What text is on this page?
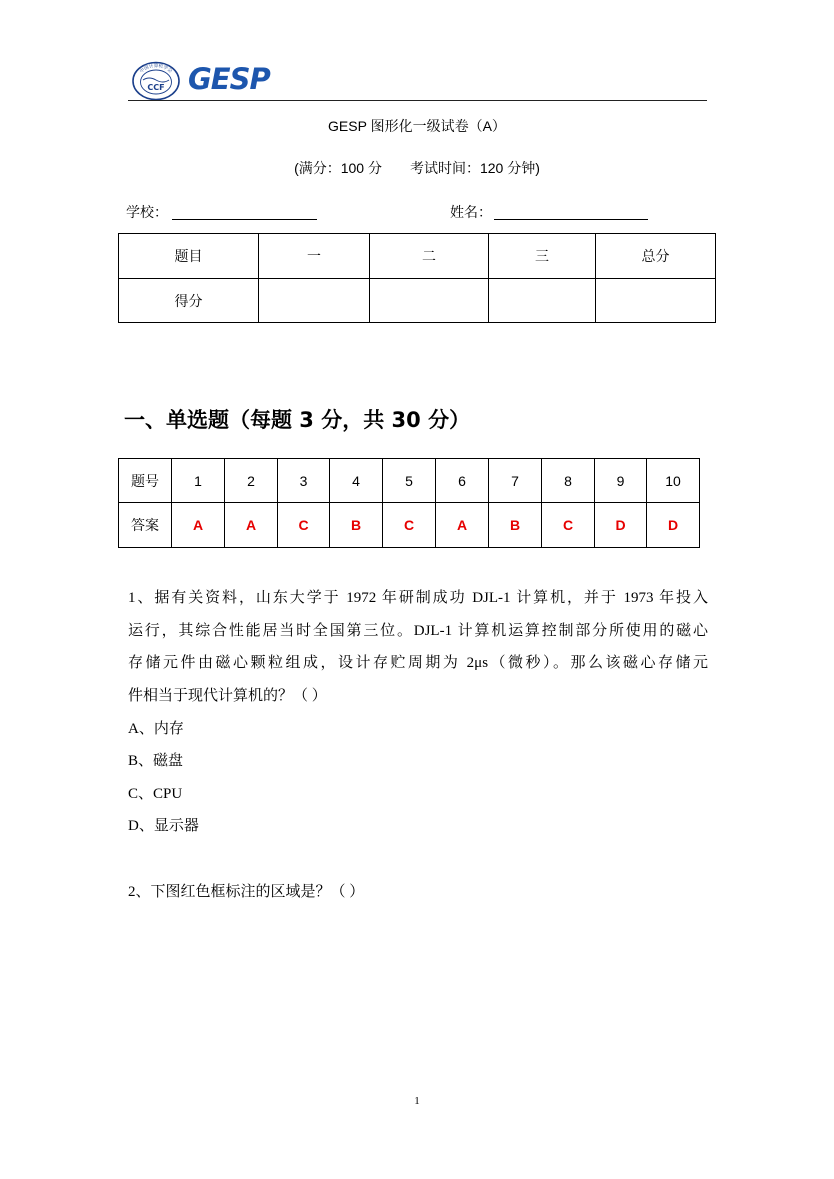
中国计算机学会
CCF GESP
GESP 图形化一级试卷（A）
(满分：100 分　　考试时间：120 分钟)
学校：	姓名：
题目	一	二	三	总分
得分				
一、单选题（每题 3 分，共 30 分）
题号	1	2	3	4	5	6	7	8	9	10
答案	A	A	C	B	C	A	B	C	D	D
1、据有关资料，山东大学于 1972 年研制成功 DJL-1 计算机，并于 1973 年投入
运行，其综合性能居当时全国第三位。DJL-1 计算机运算控制部分所使用的磁心
存储元件由磁心颗粒组成，设计存贮周期为 2μs（微秒）。那么该磁心存储元
件相当于现代计算机的？（ ）
A、内存
B、磁盘
C、CPU
D、显示器
2、下图红色框标注的区域是？（ ）
1
